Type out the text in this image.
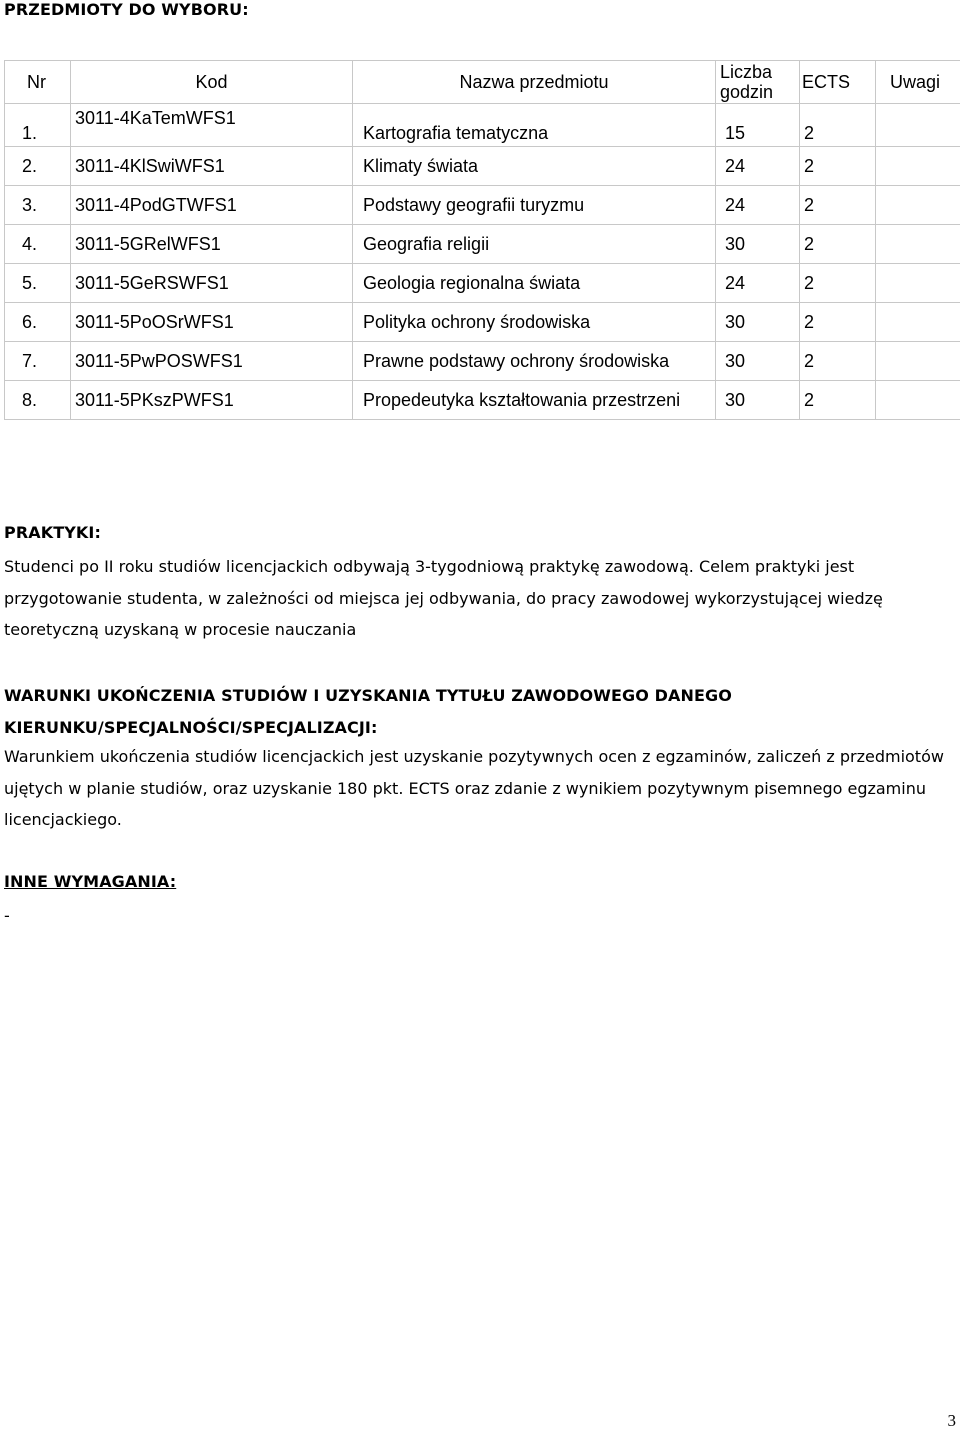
PRZEDMIOTY DO WYBORU:
Nr	Kod	Nazwa przedmiotu	Liczba godzin	ECTS	Uwagi
1.	3011-4KaTemWFS1	Kartografia tematyczna	15	2	
2.	3011-4KlSwiWFS1	Klimaty świata	24	2	
3.	3011-4PodGTWFS1	Podstawy geografii turyzmu	24	2	
4.	3011-5GRelWFS1	Geografia religii	30	2	
5.	3011-5GeRSWFS1	Geologia regionalna świata	24	2	
6.	3011-5PoOSrWFS1	Polityka ochrony środowiska	30	2	
7.	3011-5PwPOSWFS1	Prawne podstawy ochrony środowiska	30	2	
8.	3011-5PKszPWFS1	Propedeutyka kształtowania przestrzeni	30	2	
PRAKTYKI:

Studenci po II roku studiów licencjackich odbywają 3-tygodniową praktykę zawodową. Celem praktyki jest przygotowanie studenta, w zależności od miejsca jej odbywania, do pracy zawodowej wykorzystującej wiedzę teoretyczną uzyskaną w procesie nauczania

WARUNKI UKOŃCZENIA STUDIÓW I UZYSKANIA TYTUŁU ZAWODOWEGO DANEGO
KIERUNKU/SPECJALNOŚCI/SPECJALIZACJI:

Warunkiem ukończenia studiów licencjackich jest uzyskanie pozytywnych ocen z egzaminów, zaliczeń z przedmiotów ujętych w planie studiów, oraz uzyskanie 180 pkt. ECTS oraz zdanie z wynikiem pozytywnym pisemnego egzaminu licencjackiego.

INNE WYMAGANIA:

-

3
